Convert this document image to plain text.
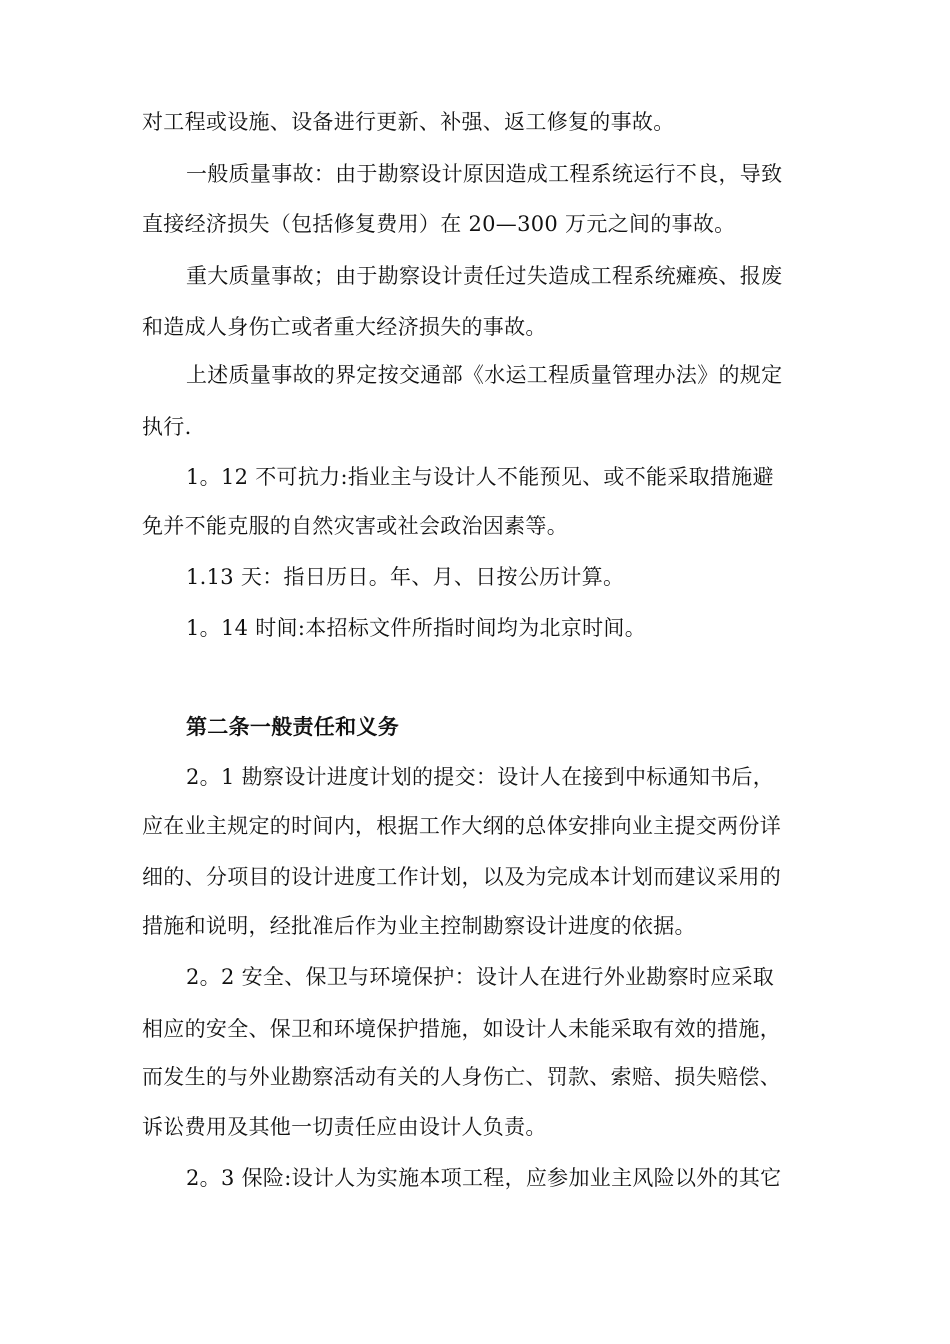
对工程或设施、设备进行更新、补强、返工修复的事故。
一般质量事故：由于勘察设计原因造成工程系统运行不良，导致
直接经济损失（包括修复费用）在 20—300 万元之间的事故。
重大质量事故；由于勘察设计责任过失造成工程系统瘫痪、报废
和造成人身伤亡或者重大经济损失的事故。
上述质量事故的界定按交通部《水运工程质量管理办法》的规定
执行.
1。12 不可抗力:指业主与设计人不能预见、或不能采取措施避
免并不能克服的自然灾害或社会政治因素等。
1.13 天：指日历日。年、月、日按公历计算。
1。14 时间:本招标文件所指时间均为北京时间。
第二条一般责任和义务
2。1 勘察设计进度计划的提交：设计人在接到中标通知书后，
应在业主规定的时间内，根据工作大纲的总体安排向业主提交两份详
细的、分项目的设计进度工作计划，以及为完成本计划而建议采用的
措施和说明，经批准后作为业主控制勘察设计进度的依据。
2。2 安全、保卫与环境保护：设计人在进行外业勘察时应采取
相应的安全、保卫和环境保护措施，如设计人未能采取有效的措施，
而发生的与外业勘察活动有关的人身伤亡、罚款、索赔、损失赔偿、
诉讼费用及其他一切责任应由设计人负责。
2。3 保险:设计人为实施本项工程，应参加业主风险以外的其它
